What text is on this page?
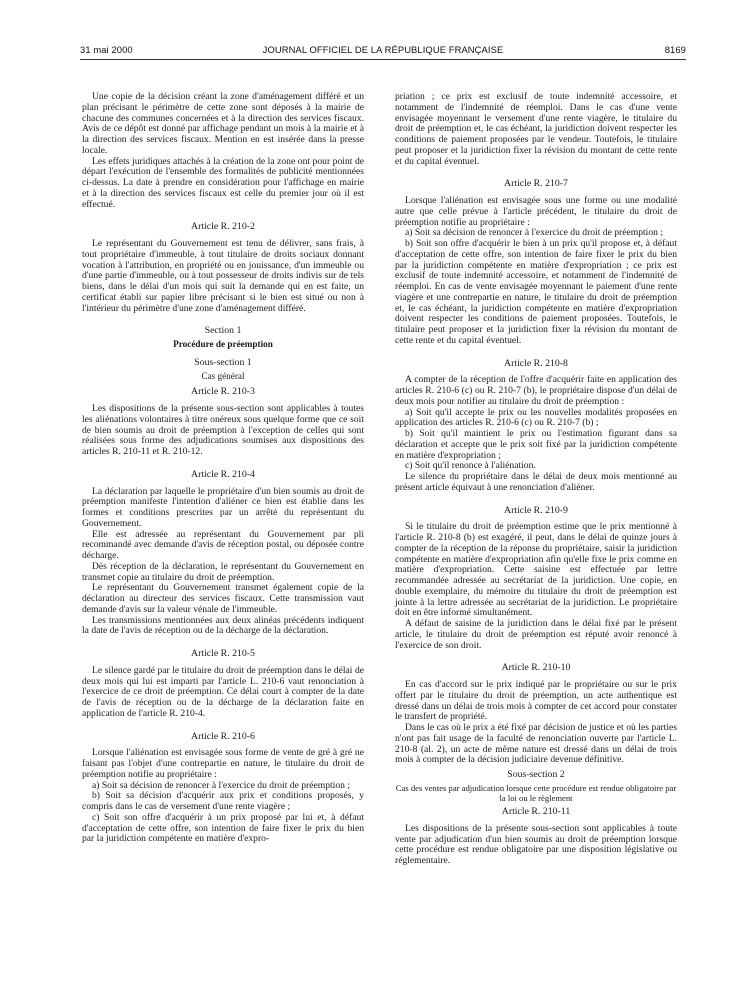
31 mai 2000	JOURNAL OFFICIEL DE LA RÉPUBLIQUE FRANÇAISE	8169

Une copie de la décision créant la zone d'aménagement différé et un plan précisant le périmètre de cette zone sont déposés à la mairie de chacune des communes concernées et à la direction des services fiscaux. Avis de ce dépôt est donné par affichage pendant un mois à la mairie et à la direction des services fiscaux. Mention en est insérée dans la presse locale.

Les effets juridiques attachés à la création de la zone ont pour point de départ l'exécution de l'ensemble des formalités de publicité mentionnées ci-dessus. La date à prendre en considération pour l'affichage en mairie et à la direction des services fiscaux est celle du premier jour où il est effectué.

Article R. 210-2

Le représentant du Gouvernement est tenu de délivrer, sans frais, à tout propriétaire d'immeuble, à tout titulaire de droits sociaux donnant vocation à l'attribution, en propriété ou en jouissance, d'un immeuble ou d'une partie d'immeuble, ou à tout possesseur de droits indivis sur de tels biens, dans le délai d'un mois qui suit la demande qui en est faite, un certificat établi sur papier libre précisant si le bien est situé ou non à l'intérieur du périmètre d'une zone d'aménagement différé.

Section 1
Procédure de préemption
Sous-section 1
Cas général
Article R. 210-3

Les dispositions de la présente sous-section sont applicables à toutes les aliénations volontaires à titre onéreux sous quelque forme que ce soit de bien soumis au droit de préemption à l'exception de celles qui sont réalisées sous forme des adjudications soumises aux dispositions des articles R. 210-11 et R. 210-12.

Article R. 210-4

La déclaration par laquelle le propriétaire d'un bien soumis au droit de préemption manifeste l'intention d'aliéner ce bien est établie dans les formes et conditions prescrites par un arrêté du représentant du Gouvernement.

Elle est adressée au représentant du Gouvernement par pli recommandé avec demande d'avis de réception postal, ou déposée contre décharge.

Dès réception de la déclaration, le représentant du Gouvernement en transmet copie au titulaire du droit de préemption.

Le représentant du Gouvernement transmet également copie de la déclaration au directeur des services fiscaux. Cette transmission vaut demande d'avis sur la valeur vénale de l'immeuble.

Les transmissions mentionnées aux deux alinéas précédents indiquent la date de l'avis de réception ou de la décharge de la déclaration.

Article R. 210-5

Le silence gardé par le titulaire du droit de préemption dans le délai de deux mois qui lui est imparti par l'article L. 210-6 vaut renonciation à l'exercice de ce droit de préemption. Ce délai court à compter de la date de l'avis de réception ou de la décharge de la déclaration faite en application de l'article R. 210-4.

Article R. 210-6

Lorsque l'aliénation est envisagée sous forme de vente de gré à gré ne faisant pas l'objet d'une contrepartie en nature, le titulaire du droit de préemption notifie au propriétaire :

a) Soit sa décision de renoncer à l'exercice du droit de préemption ;

b) Soit sa décision d'acquérir aux prix et conditions proposés, y compris dans le cas de versement d'une rente viagère ;

c) Soit son offre d'acquérir à un prix proposé par lui et, à défaut d'acceptation de cette offre, son intention de faire fixer le prix du bien par la juridiction compétente en matière d'expro-

priation ; ce prix est exclusif de toute indemnité accessoire, et notamment de l'indemnité de réemploi. Dans le cas d'une vente envisagée moyennant le versement d'une rente viagère, le titulaire du droit de préemption et, le cas échéant, la juridiction doivent respecter les conditions de paiement proposées par le vendeur. Toutefois, le titulaire peut proposer et la juridiction fixer la révision du montant de cette rente et du capital éventuel.

Article R. 210-7

Lorsque l'aliénation est envisagée sous une forme ou une modalité autre que celle prévue à l'article précédent, le titulaire du droit de préemption notifie au propriétaire :

a) Soit sa décision de renoncer à l'exercice du droit de préemption ;

b) Soit son offre d'acquérir le bien à un prix qu'il propose et, à défaut d'acceptation de cette offre, son intention de faire fixer le prix du bien par la juridiction compétente en matière d'expropriation ; ce prix est exclusif de toute indemnité accessoire, et notamment de l'indemnité de réemploi. En cas de vente envisagée moyennant le paiement d'une rente viagère et une contrepartie en nature, le titulaire du droit de préemption et, le cas échéant, la juridiction compétente en matière d'expropriation doivent respecter les conditions de paiement proposées. Toutefois, le titulaire peut proposer et la juridiction fixer la révision du montant de cette rente et du capital éventuel.

Article R. 210-8

A compter de la réception de l'offre d'acquérir faite en application des articles R. 210-6 (c) ou R. 210-7 (b), le propriétaire dispose d'un délai de deux mois pour notifier au titulaire du droit de préemption :

a) Soit qu'il accepte le prix ou les nouvelles modalités proposées en application des articles R. 210-6 (c) ou R. 210-7 (b) ;

b) Soit qu'il maintient le prix ou l'estimation figurant dans sa déclaration et accepte que le prix soit fixé par la juridiction compétente en matière d'expropriation ;

c) Soit qu'il renonce à l'aliénation.

Le silence du propriétaire dans le délai de deux mois mentionné au présent article équivaut à une renonciation d'aliéner.

Article R. 210-9

Si le titulaire du droit de préemption estime que le prix mentionné à l'article R. 210-8 (b) est exagéré, il peut, dans le délai de quinze jours à compter de la réception de la réponse du propriétaire, saisir la juridiction compétente en matière d'expropriation afin qu'elle fixe le prix comme en matière d'expropriation. Cette saisine est effectuée par lettre recommandée adressée au secrétariat de la juridiction. Une copie, en double exemplaire, du mémoire du titulaire du droit de préemption est jointe à la lettre adressée au secrétariat de la juridiction. Le propriétaire doit en être informé simultanément.

A défaut de saisine de la juridiction dans le délai fixé par le présent article, le titulaire du droit de préemption est réputé avoir renoncé à l'exercice de son droit.

Article R. 210-10

En cas d'accord sur le prix indiqué par le propriétaire ou sur le prix offert par le titulaire du droit de préemption, un acte authentique est dressé dans un délai de trois mois à compter de cet accord pour constater le transfert de propriété.

Dans le cas où le prix a été fixé par décision de justice et où les parties n'ont pas fait usage de la faculté de renonciation ouverte par l'article L. 210-8 (al. 2), un acte de même nature est dressé dans un délai de trois mois à compter de la décision judiciaire devenue définitive.

Sous-section 2
Cas des ventes par adjudication lorsque cette procédure est rendue obligatoire par la loi ou le règlement
Article R. 210-11

Les dispositions de la présente sous-section sont applicables à toute vente par adjudication d'un bien soumis au droit de préemption lorsque cette procédure est rendue obligatoire par une disposition législative ou réglementaire.
